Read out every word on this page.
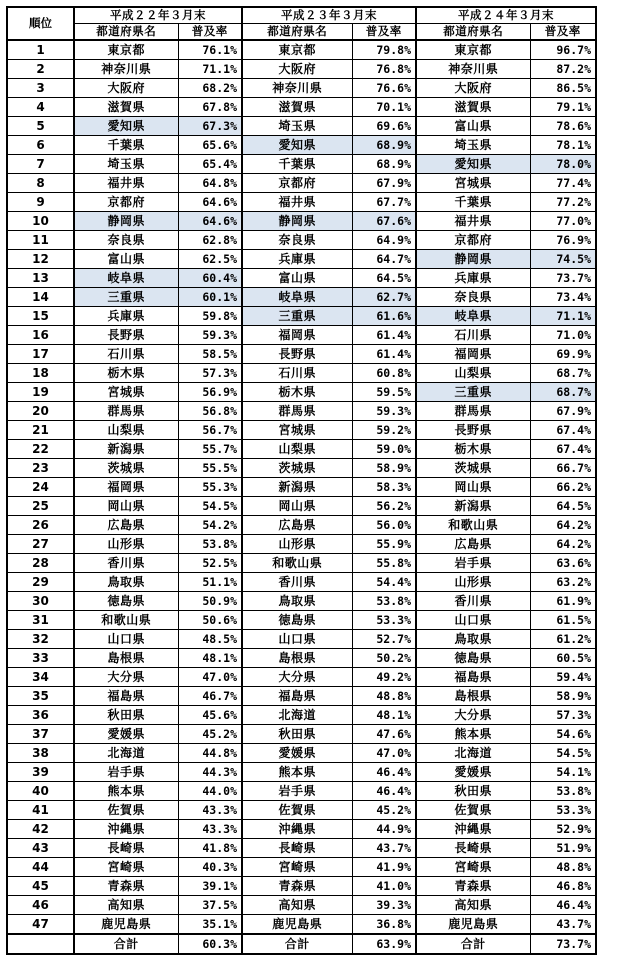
順位	平成２２年３月末		平成２３年３月末		平成２４年３月末	
	都道府県名	普及率	都道府県名	普及率	都道府県名	普及率
1	東京都	76.1%	東京都	79.8%	東京都	96.7%
2	神奈川県	71.1%	大阪府	76.8%	神奈川県	87.2%
3	大阪府	68.2%	神奈川県	76.6%	大阪府	86.5%
4	滋賀県	67.8%	滋賀県	70.1%	滋賀県	79.1%
5	愛知県	67.3%	埼玉県	69.6%	富山県	78.6%
6	千葉県	65.6%	愛知県	68.9%	埼玉県	78.1%
7	埼玉県	65.4%	千葉県	68.9%	愛知県	78.0%
8	福井県	64.8%	京都府	67.9%	宮城県	77.4%
9	京都府	64.6%	福井県	67.7%	千葉県	77.2%
10	静岡県	64.6%	静岡県	67.6%	福井県	77.0%
11	奈良県	62.8%	奈良県	64.9%	京都府	76.9%
12	富山県	62.5%	兵庫県	64.7%	静岡県	74.5%
13	岐阜県	60.4%	富山県	64.5%	兵庫県	73.7%
14	三重県	60.1%	岐阜県	62.7%	奈良県	73.4%
15	兵庫県	59.8%	三重県	61.6%	岐阜県	71.1%
16	長野県	59.3%	福岡県	61.4%	石川県	71.0%
17	石川県	58.5%	長野県	61.4%	福岡県	69.9%
18	栃木県	57.3%	石川県	60.8%	山梨県	68.7%
19	宮城県	56.9%	栃木県	59.5%	三重県	68.7%
20	群馬県	56.8%	群馬県	59.3%	群馬県	67.9%
21	山梨県	56.7%	宮城県	59.2%	長野県	67.4%
22	新潟県	55.7%	山梨県	59.0%	栃木県	67.4%
23	茨城県	55.5%	茨城県	58.9%	茨城県	66.7%
24	福岡県	55.3%	新潟県	58.3%	岡山県	66.2%
25	岡山県	54.5%	岡山県	56.2%	新潟県	64.5%
26	広島県	54.2%	広島県	56.0%	和歌山県	64.2%
27	山形県	53.8%	山形県	55.9%	広島県	64.2%
28	香川県	52.5%	和歌山県	55.8%	岩手県	63.6%
29	鳥取県	51.1%	香川県	54.4%	山形県	63.2%
30	徳島県	50.9%	鳥取県	53.8%	香川県	61.9%
31	和歌山県	50.6%	徳島県	53.3%	山口県	61.5%
32	山口県	48.5%	山口県	52.7%	鳥取県	61.2%
33	島根県	48.1%	島根県	50.2%	徳島県	60.5%
34	大分県	47.0%	大分県	49.2%	福島県	59.4%
35	福島県	46.7%	福島県	48.8%	島根県	58.9%
36	秋田県	45.6%	北海道	48.1%	大分県	57.3%
37	愛媛県	45.2%	秋田県	47.6%	熊本県	54.6%
38	北海道	44.8%	愛媛県	47.0%	北海道	54.5%
39	岩手県	44.3%	熊本県	46.4%	愛媛県	54.1%
40	熊本県	44.0%	岩手県	46.4%	秋田県	53.8%
41	佐賀県	43.3%	佐賀県	45.2%	佐賀県	53.3%
42	沖縄県	43.3%	沖縄県	44.9%	沖縄県	52.9%
43	長崎県	41.8%	長崎県	43.7%	長崎県	51.9%
44	宮崎県	40.3%	宮崎県	41.9%	宮崎県	48.8%
45	青森県	39.1%	青森県	41.0%	青森県	46.8%
46	高知県	37.5%	高知県	39.3%	高知県	46.4%
47	鹿児島県	35.1%	鹿児島県	36.8%	鹿児島県	43.7%
	合計	60.3%	合計	63.9%	合計	73.7%
